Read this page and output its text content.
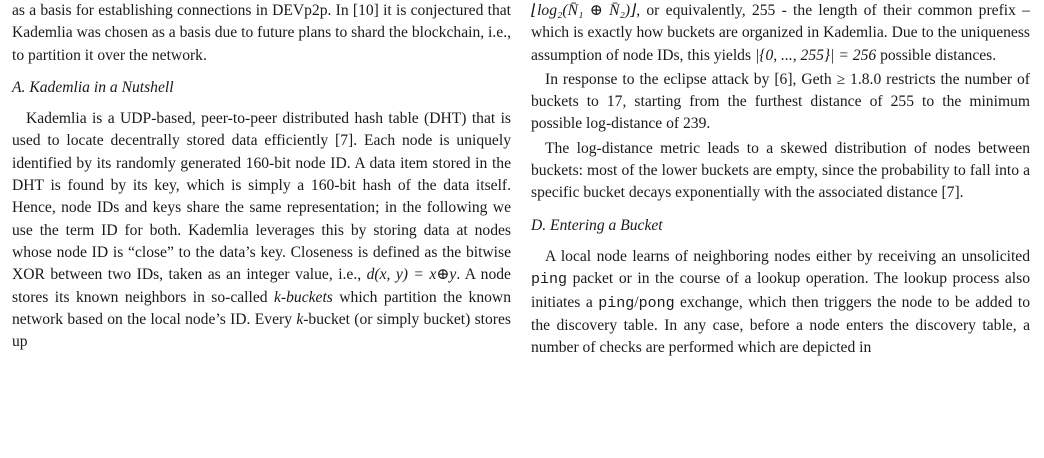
as a basis for establishing connections in DEVp2p. In [10] it is conjectured that Kademlia was chosen as a basis due to future plans to shard the blockchain, i.e., to partition it over the network.

A. Kademlia in a Nutshell

Kademlia is a UDP-based, peer-to-peer distributed hash table (DHT) that is used to locate decentrally stored data efficiently [7]. Each node is uniquely identified by its randomly generated 160-bit node ID. A data item stored in the DHT is found by its key, which is simply a 160-bit hash of the data itself. Hence, node IDs and keys share the same representation; in the following we use the term ID for both. Kademlia leverages this by storing data at nodes whose node ID is “close” to the data’s key. Closeness is defined as the bitwise XOR between two IDs, taken as an integer value, i.e., d(x, y) = x⊕y. A node stores its known neighbors in so-called k-buckets which partition the known network based on the local node’s ID. Every k-bucket (or simply bucket) stores up

⌊log₂(N̄₁ ⊕ N̄₂)⌋, or equivalently, 255 - the length of their common prefix – which is exactly how buckets are organized in Kademlia. Due to the uniqueness assumption of node IDs, this yields |{0, ..., 255}| = 256 possible distances.

In response to the eclipse attack by [6], Geth ≥ 1.8.0 restricts the number of buckets to 17, starting from the furthest distance of 255 to the minimum possible log-distance of 239.

The log-distance metric leads to a skewed distribution of nodes between buckets: most of the lower buckets are empty, since the probability to fall into a specific bucket decays exponentially with the associated distance [7].

D. Entering a Bucket

A local node learns of neighboring nodes either by receiving an unsolicited ping packet or in the course of a lookup operation. The lookup process also initiates a ping/pong exchange, which then triggers the node to be added to the discovery table. In any case, before a node enters the discovery table, a number of checks are performed which are depicted in
